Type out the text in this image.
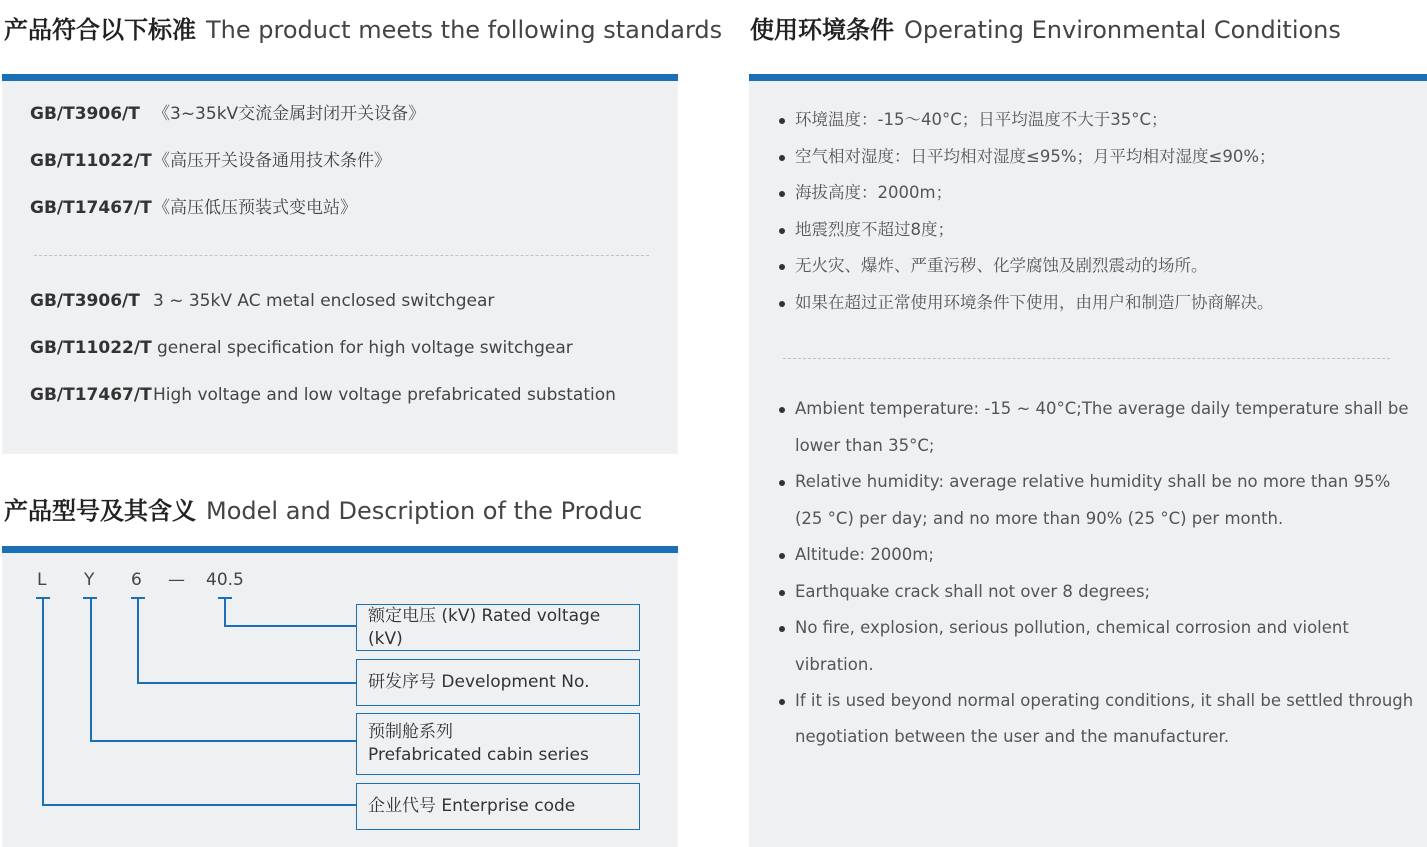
产品符合以下标准 The product meets the following standards
GB/T3906/T 《3~35kV交流金属封闭开关设备》
GB/T11022/T《高压开关设备通用技术条件》
GB/T17467/T《高压低压预装式变电站》
GB/T3906/T 3 ~ 35kV AC metal enclosed switchgear
GB/T11022/T general specification for high voltage switchgear
GB/T17467/THigh voltage and low voltage prefabricated substation
产品型号及其含义 Model and Description of the Produc
L Y 6 — 40.5
额定电压 (kV) Rated voltage (kV)
研发序号 Development No.
预制舱系列
Prefabricated cabin series
企业代号 Enterprise code
使用环境条件 Operating Environmental Conditions
环境温度：-15～40°C；日平均温度不大于35°C；
空气相对湿度：日平均相对湿度≤95%；月平均相对湿度≤90%；
海拔高度：2000m；
地震烈度不超过8度；
无火灾、爆炸、严重污秽、化学腐蚀及剧烈震动的场所。
如果在超过正常使用环境条件下使用，由用户和制造厂协商解决。
Ambient temperature: -15 ~ 40°C;The average daily temperature shall be
lower than 35°C;
Relative humidity: average relative humidity shall be no more than 95%
(25 °C) per day; and no more than 90% (25 °C) per month.
Altitude: 2000m;
Earthquake crack shall not over 8 degrees;
No fire, explosion, serious pollution, chemical corrosion and violent
vibration.
If it is used beyond normal operating conditions, it shall be settled through
negotiation between the user and the manufacturer.
